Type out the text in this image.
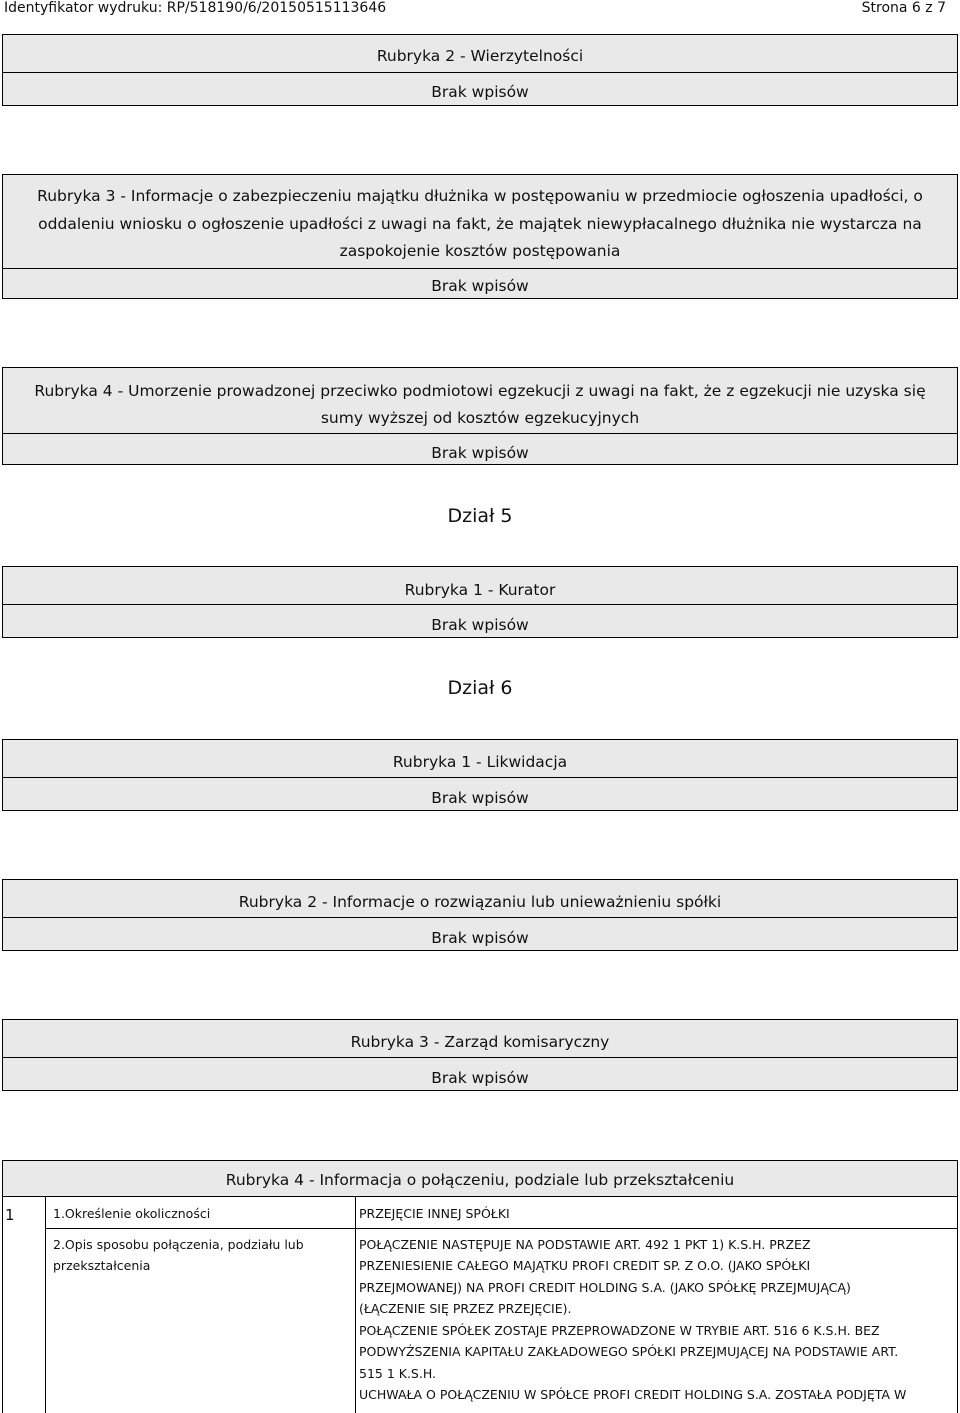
Identyfikator wydruku: RP/518190/6/20150515113646	Strona 6 z 7
Rubryka 2 - Wierzytelności
Brak wpisów
Rubryka 3 - Informacje o zabezpieczeniu majątku dłużnika w postępowaniu w przedmiocie ogłoszenia upadłości, o
oddaleniu wniosku o ogłoszenie upadłości z uwagi na fakt, że majątek niewypłacalnego dłużnika nie wystarcza na
zaspokojenie kosztów postępowania
Brak wpisów
Rubryka 4 - Umorzenie prowadzonej przeciwko podmiotowi egzekucji z uwagi na fakt, że z egzekucji nie uzyska się
sumy wyższej od kosztów egzekucyjnych
Brak wpisów
Dział 5
Rubryka 1 - Kurator
Brak wpisów
Dział 6
Rubryka 1 - Likwidacja
Brak wpisów
Rubryka 2 - Informacje o rozwiązaniu lub unieważnieniu spółki
Brak wpisów
Rubryka 3 - Zarząd komisaryczny
Brak wpisów
Rubryka 4 - Informacja o połączeniu, podziale lub przekształceniu
1	1.Określenie okoliczności	PRZEJĘCIE INNEJ SPÓŁKI
2.Opis sposobu połączenia, podziału lub
przekształcenia
POŁĄCZENIE NASTĘPUJE NA PODSTAWIE ART. 492 1 PKT 1) K.S.H. PRZEZ
PRZENIESIENIE CAŁEGO MAJĄTKU PROFI CREDIT SP. Z O.O. (JAKO SPÓŁKI
PRZEJMOWANEJ) NA PROFI CREDIT HOLDING S.A. (JAKO SPÓŁKĘ PRZEJMUJĄCĄ)
(ŁĄCZENIE SIĘ PRZEZ PRZEJĘCIE).
POŁĄCZENIE SPÓŁEK ZOSTAJE PRZEPROWADZONE W TRYBIE ART. 516 6 K.S.H. BEZ
PODWYŻSZENIA KAPITAŁU ZAKŁADOWEGO SPÓŁKI PRZEJMUJĄCEJ NA PODSTAWIE ART.
515 1 K.S.H.
UCHWAŁA O POŁĄCZENIU W SPÓŁCE PROFI CREDIT HOLDING S.A. ZOSTAŁA PODJĘTA W
